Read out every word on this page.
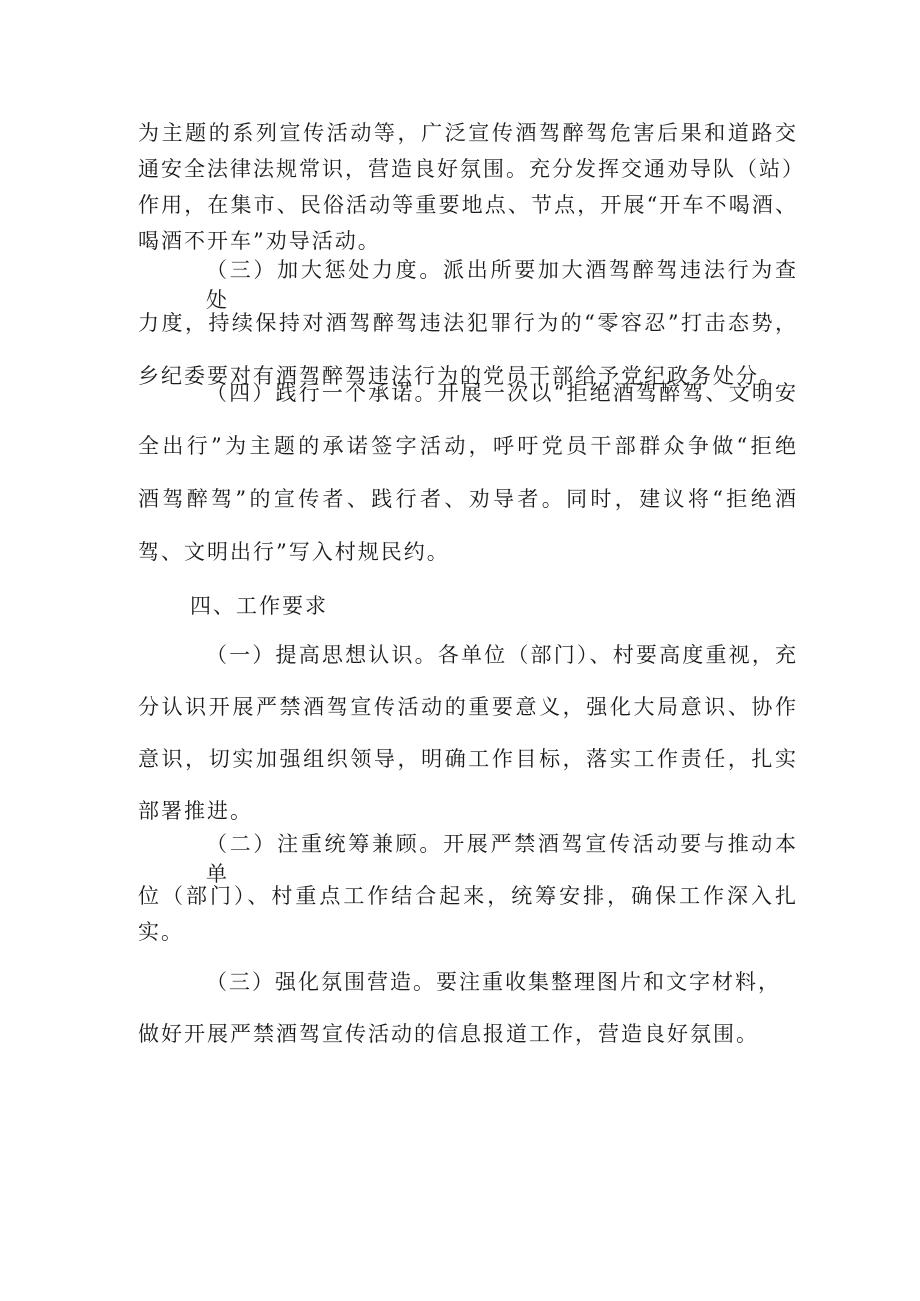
为主题的系列宣传活动等，广泛宣传酒驾醉驾危害后果和道路交
通安全法律法规常识，营造良好氛围。充分发挥交通劝导队（站）
作用，在集市、民俗活动等重要地点、节点，开展“开车不喝酒、
喝酒不开车”劝导活动。
（三）加大惩处力度。派出所要加大酒驾醉驾违法行为查处
力度，持续保持对酒驾醉驾违法犯罪行为的“零容忍”打击态势，
乡纪委要对有酒驾醉驾违法行为的党员干部给予党纪政务处分。
（四）践行一个承诺。开展一次以“拒绝酒驾醉驾、文明安
全出行”为主题的承诺签字活动，呼吁党员干部群众争做“拒绝
酒驾醉驾”的宣传者、践行者、劝导者。同时，建议将“拒绝酒
驾、文明出行”写入村规民约。
四、工作要求
（一）提高思想认识。各单位（部门）、村要高度重视，充
分认识开展严禁酒驾宣传活动的重要意义，强化大局意识、协作
意识，切实加强组织领导，明确工作目标，落实工作责任，扎实
部署推进。
（二）注重统筹兼顾。开展严禁酒驾宣传活动要与推动本单
位（部门）、村重点工作结合起来，统筹安排，确保工作深入扎
实。
（三）强化氛围营造。要注重收集整理图片和文字材料，
做好开展严禁酒驾宣传活动的信息报道工作，营造良好氛围。
